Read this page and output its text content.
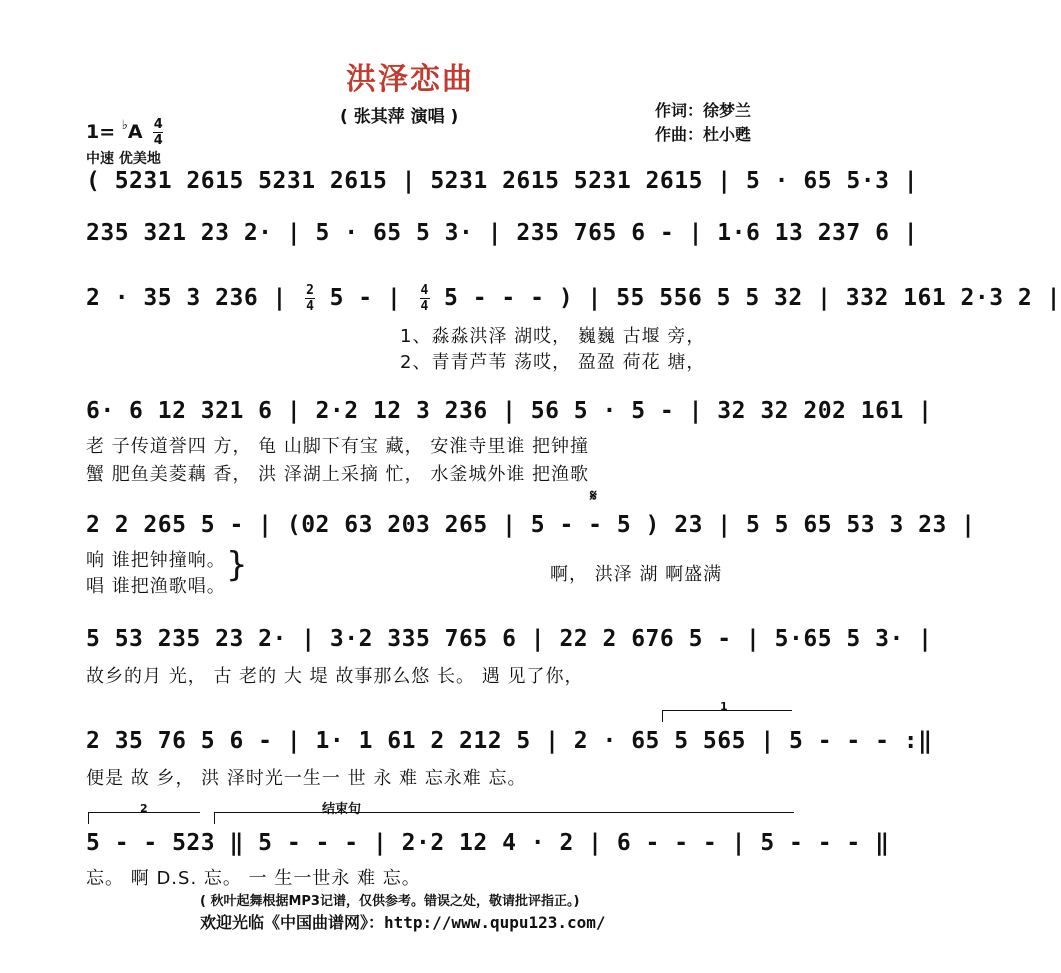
洪泽恋曲
( 张其萍 演唱 )	作词：徐梦兰
作曲：杜小甦
$1= ^♭A \frac{4}{4}$
中速 优美地
( 5231 2615 5231 2615 | 5231 2615 5231 2615 | 5 · 65 5·3 |
235 321 23 2· | 5 · 65 5 3· | 235 765 6 - | 1·6 13 237 6 |
2 · 35 3 236 | $\frac{2}{4} 5$ - | $\frac{4}{4} 5$ - - - ) | 55 556 5 5 32 | 332 161 2·3 2 |
1、淼淼洪泽 湖哎， 巍巍 古堰 旁，
2、青青芦苇 荡哎， 盈盈 荷花 塘，
6· 6 12 321 6 | 2·2 12 3 236 | 56 5 · 5 - | 32 32 202 161 |
老 子传道誉四 方， 龟 山脚下有宝 藏， 安淮寺里谁 把钟撞
蟹 肥鱼美菱藕 香， 洪 泽湖上采摘 忙， 水釜城外谁 把渔歌
𝄋
2 2 265 5 - | (02 63 203 265 | 5 - - 5 ) 23 | 5 5 65 53 3 23 |
响 谁把钟撞响。
唱 谁把渔歌唱。
}	啊， 洪泽 湖 啊盛满
5 53 235 23 2· | 3·2 335 765 6 | 22 2 676 5 - | 5·65 5 3· |
故乡的月 光， 古 老的 大 堤 故事那么悠 长。 遇 见了你，
1
2 35 76 5 6 - | 1· 1 61 2 212 5 | 2 · 65 5 565 | 5 - - - :‖
便是 故 乡， 洪 泽时光一生一 世 永 难 忘永难 忘。
2	结束句
5 - - 523 ‖ 5 - - - | 2·2 12 4 · 2 | 6 - - - | 5 - - - ‖
忘。 啊 D.S. 忘。 一 生一世永 难 忘。
( 秋叶起舞根据MP3记谱，仅供参考。错误之处，敬请批评指正。)
欢迎光临《中国曲谱网》：http://www.qupu123.com/
